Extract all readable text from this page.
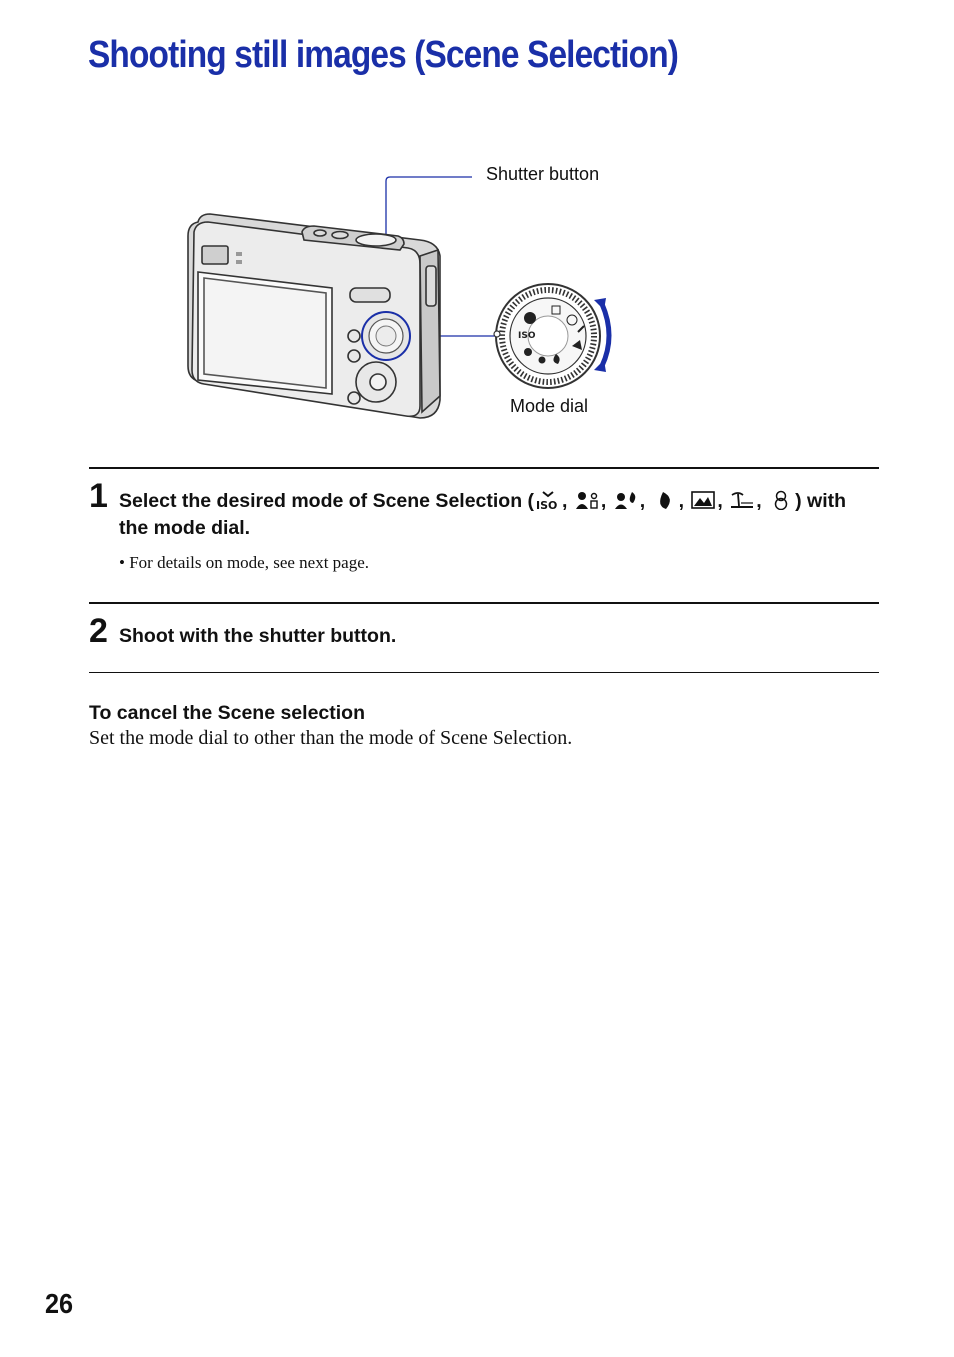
Shooting still images (Scene Selection)
ISO
Shutter button
Mode dial
1 Select the desired mode of Scene Selection ( ISO , , , , , , ) with the mode dial.
• For details on mode, see next page.
2 Shoot with the shutter button.
To cancel the Scene selection
Set the mode dial to other than the mode of Scene Selection.
26
